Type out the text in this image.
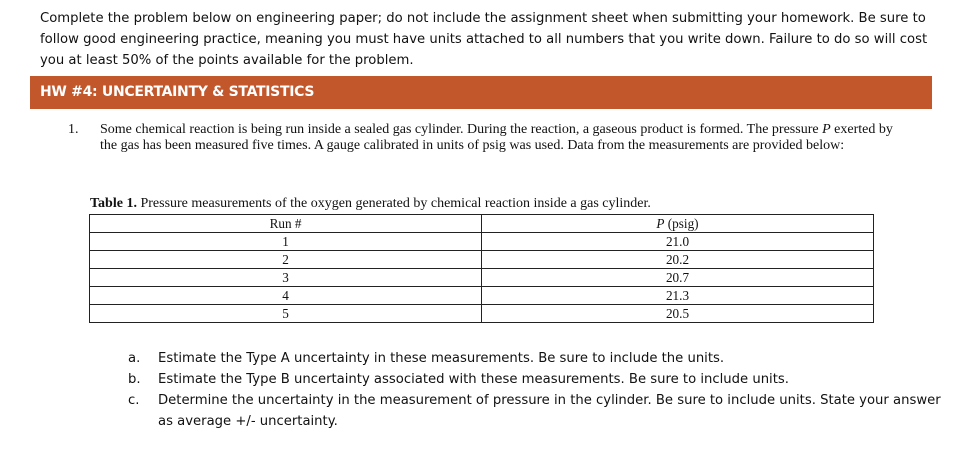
Complete the problem below on engineering paper; do not include the assignment sheet when submitting your homework. Be sure to follow good engineering practice, meaning you must have units attached to all numbers that you write down. Failure to do so will cost you at least 50% of the points available for the problem.
HW #4: UNCERTAINTY & STATISTICS
1. Some chemical reaction is being run inside a sealed gas cylinder. During the reaction, a gaseous product is formed. The pressure P exerted by the gas has been measured five times. A gauge calibrated in units of psig was used. Data from the measurements are provided below:
Table 1. Pressure measurements of the oxygen generated by chemical reaction inside a gas cylinder.
Run #	P (psig)
1	21.0
2	20.2
3	20.7
4	21.3
5	20.5
a. Estimate the Type A uncertainty in these measurements. Be sure to include the units.
b. Estimate the Type B uncertainty associated with these measurements. Be sure to include units.
c. Determine the uncertainty in the measurement of pressure in the cylinder. Be sure to include units. State your answer as average +/- uncertainty.
